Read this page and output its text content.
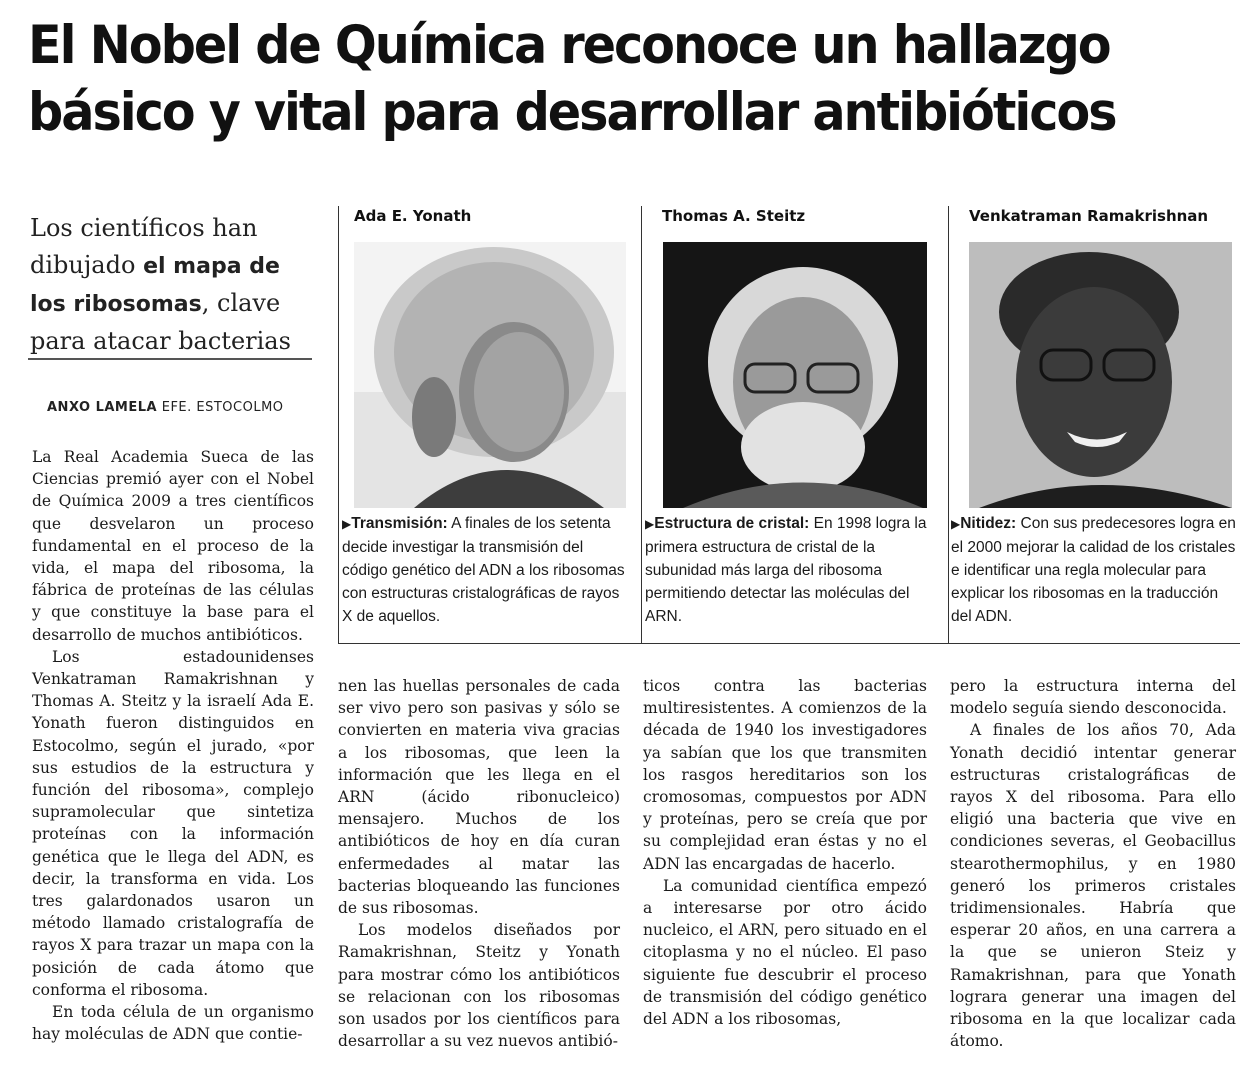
El Nobel de Química reconoce un hallazgo
básico y vital para desarrollar antibióticos
Los científicos han dibujado el mapa de los ribosomas, clave para atacar bacterias
ANXO LAMELA EFE. ESTOCOLMO

La Real Academia Sueca de las Ciencias premió ayer con el Nobel de Química 2009 a tres científicos que desvelaron un proceso fundamental en el proceso de la vida, el mapa del ribosoma, la fábrica de proteínas de las células y que constituye la base para el desarrollo de muchos antibióticos.

Los estadounidenses Venkatraman Ramakrishnan y Thomas A. Steitz y la israelí Ada E. Yonath fueron distinguidos en Estocolmo, según el jurado, «por sus estudios de la estructura y función del ribosoma», complejo supramolecular que sintetiza proteínas con la información genética que le llega del ADN, es decir, la transforma en vida. Los tres galardonados usaron un método llamado cristalografía de rayos X para trazar un mapa con la posición de cada átomo que conforma el ribosoma.

En toda célula de un organismo hay moléculas de ADN que contie-

Ada E. Yonath
▶Transmisión: A finales de los setenta decide investigar la transmisión del código genético del ADN a los ribosomas con estructuras cristalográficas de rayos X de aquellos.
Thomas A. Steitz
▶Estructura de cristal: En 1998 logra la primera estructura de cristal de la subunidad más larga del ribosoma permitiendo detectar las moléculas del ARN.
Venkatraman Ramakrishnan
▶Nitidez: Con sus predecesores logra en el 2000 mejorar la calidad de los cristales e identificar una regla molecular para explicar los ribosomas en la traducción del ADN.

nen las huellas personales de cada ser vivo pero son pasivas y sólo se convierten en materia viva gracias a los ribosomas, que leen la información que les llega en el ARN (ácido ribonucleico) mensajero. Muchos de los antibióticos de hoy en día curan enfermedades al matar las bacterias bloqueando las funciones de sus ribosomas.

Los modelos diseñados por Ramakrishnan, Steitz y Yonath para mostrar cómo los antibióticos se relacionan con los ribosomas son usados por los científicos para desarrollar a su vez nuevos antibió-

ticos contra las bacterias multiresistentes. A comienzos de la década de 1940 los investigadores ya sabían que los que transmiten los rasgos hereditarios son los cromosomas, compuestos por ADN y proteínas, pero se creía que por su complejidad eran éstas y no el ADN las encargadas de hacerlo.

La comunidad científica empezó a interesarse por otro ácido nucleico, el ARN, pero situado en el citoplasma y no el núcleo. El paso siguiente fue descubrir el proceso de transmisión del código genético del ADN a los ribosomas,

pero la estructura interna del modelo seguía siendo desconocida.

A finales de los años 70, Ada Yonath decidió intentar generar estructuras cristalográficas de rayos X del ribosoma. Para ello eligió una bacteria que vive en condiciones severas, el Geobacillus stearothermophilus, y en 1980 generó los primeros cristales tridimensionales. Habría que esperar 20 años, en una carrera a la que se unieron Steiz y Ramakrishnan, para que Yonath lograra generar una imagen del ribosoma en la que localizar cada átomo.
